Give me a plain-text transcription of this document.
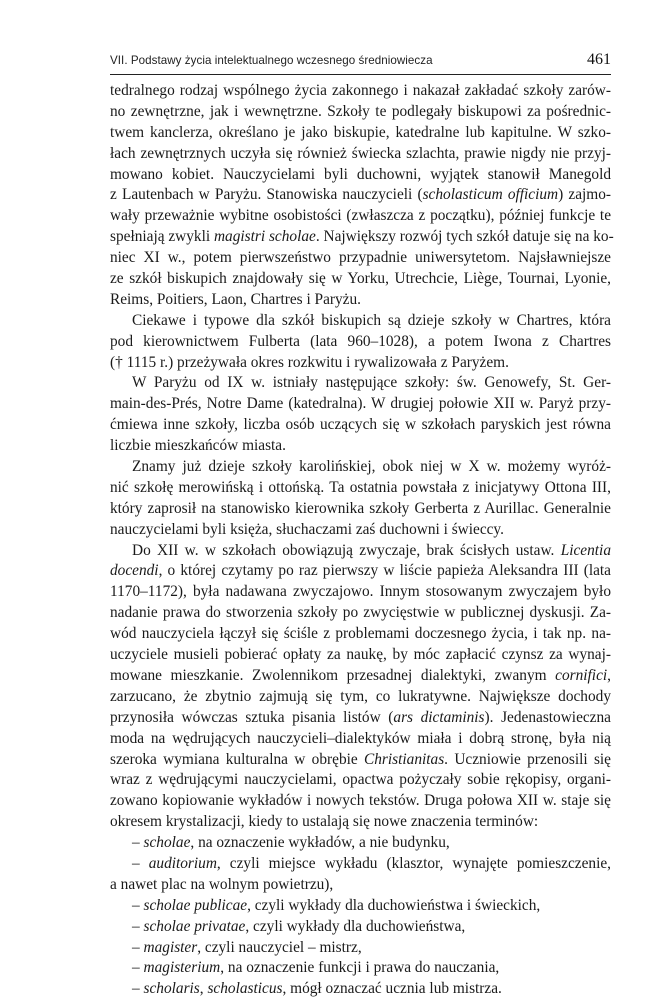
VII. Podstawy życia intelektualnego wczesnego średniowiecza	461
tedralnego rodzaj wspólnego życia zakonnego i nakazał zakładać szkoły zarów-
no zewnętrzne, jak i wewnętrzne. Szkoły te podlegały biskupowi za pośrednic-
twem kanclerza, określano je jako biskupie, katedralne lub kapitulne. W szko-
łach zewnętrznych uczyła się również świecka szlachta, prawie nigdy nie przyj-
mowano kobiet. Nauczycielami byli duchowni, wyjątek stanowił Manegold
z Lautenbach w Paryżu. Stanowiska nauczycieli (scholasticum officium) zajmo-
wały przeważnie wybitne osobistości (zwłaszcza z początku), później funkcje te
spełniają zwykli magistri scholae. Największy rozwój tych szkół datuje się na ko-
niec XI w., potem pierwszeństwo przypadnie uniwersytetom. Najsławniejsze
ze szkół biskupich znajdowały się w Yorku, Utrechcie, Liège, Tournai, Lyonie,
Reims, Poitiers, Laon, Chartres i Paryżu.
Ciekawe i typowe dla szkół biskupich są dzieje szkoły w Chartres, która
pod kierownictwem Fulberta (lata 960–1028), a potem Iwona z Chartres
(† 1115 r.) przeżywała okres rozkwitu i rywalizowała z Paryżem.
W Paryżu od IX w. istniały następujące szkoły: św. Genowefy, St. Ger-
main-des-Prés, Notre Dame (katedralna). W drugiej połowie XII w. Paryż przy-
ćmiewa inne szkoły, liczba osób uczących się w szkołach paryskich jest równa
liczbie mieszkańców miasta.
Znamy już dzieje szkoły karolińskiej, obok niej w X w. możemy wyróż-
nić szkołę merowińską i ottońską. Ta ostatnia powstała z inicjatywy Ottona III,
który zaprosił na stanowisko kierownika szkoły Gerberta z Aurillac. Generalnie
nauczycielami byli księża, słuchaczami zaś duchowni i świeccy.
Do XII w. w szkołach obowiązują zwyczaje, brak ścisłych ustaw. Licentia
docendi, o której czytamy po raz pierwszy w liście papieża Aleksandra III (lata
1170–1172), była nadawana zwyczajowo. Innym stosowanym zwyczajem było
nadanie prawa do stworzenia szkoły po zwycięstwie w publicznej dyskusji. Za-
wód nauczyciela łączył się ściśle z problemami doczesnego życia, i tak np. na-
uczyciele musieli pobierać opłaty za naukę, by móc zapłacić czynsz za wynaj-
mowane mieszkanie. Zwolennikom przesadnej dialektyki, zwanym cornifici,
zarzucano, że zbytnio zajmują się tym, co lukratywne. Największe dochody
przynosiła wówczas sztuka pisania listów (ars dictaminis). Jedenastowieczna
moda na wędrujących nauczycieli–dialektyków miała i dobrą stronę, była nią
szeroka wymiana kulturalna w obrębie Christianitas. Uczniowie przenosili się
wraz z wędrującymi nauczycielami, opactwa pożyczały sobie rękopisy, organi-
zowano kopiowanie wykładów i nowych tekstów. Druga połowa XII w. staje się
okresem krystalizacji, kiedy to ustalają się nowe znaczenia terminów:
– scholae, na oznaczenie wykładów, a nie budynku,
– auditorium, czyli miejsce wykładu (klasztor, wynajęte pomieszczenie,
a nawet plac na wolnym powietrzu),
– scholae publicae, czyli wykłady dla duchowieństwa i świeckich,
– scholae privatae, czyli wykłady dla duchowieństwa,
– magister, czyli nauczyciel – mistrz,
– magisterium, na oznaczenie funkcji i prawa do nauczania,
– scholaris, scholasticus, mógł oznaczać ucznia lub mistrza.
